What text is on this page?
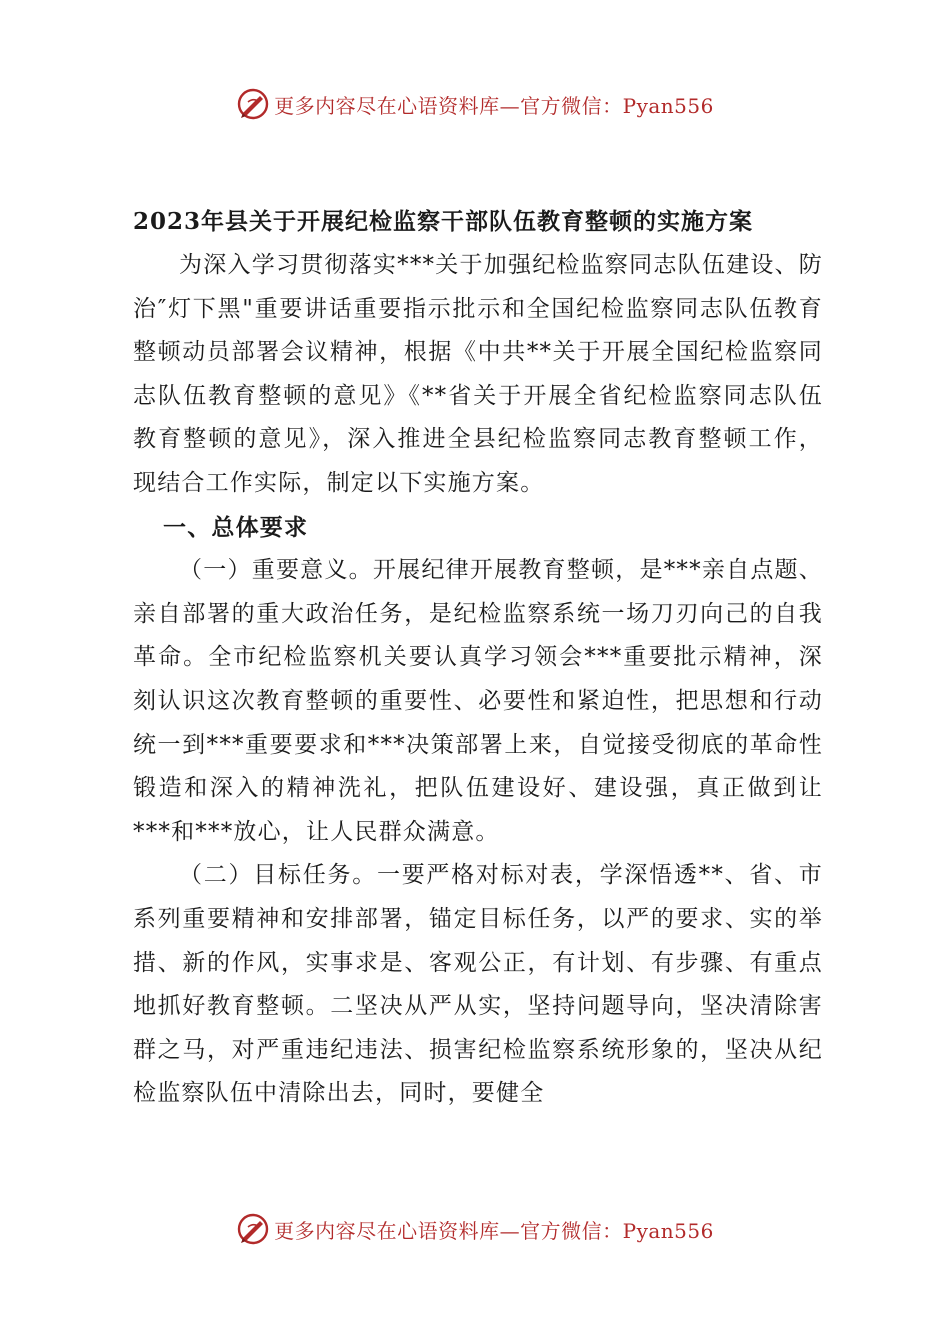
更多内容尽在心语资料库—官方微信：Pyan556
2023年县关于开展纪检监察干部队伍教育整顿的实施方案

为深入学习贯彻落实***关于加强纪检监察同志队伍建设、防治″灯下黑"重要讲话重要指示批示和全国纪检监察同志队伍教育整顿动员部署会议精神，根据《中共**关于开展全国纪检监察同志队伍教育整顿的意见》《**省关于开展全省纪检监察同志队伍教育整顿的意见》，深入推进全县纪检监察同志教育整顿工作，现结合工作实际，制定以下实施方案。

一、总体要求

（一）重要意义。开展纪律开展教育整顿，是***亲自点题、亲自部署的重大政治任务，是纪检监察系统一场刀刃向己的自我革命。全市纪检监察机关要认真学习领会***重要批示精神，深刻认识这次教育整顿的重要性、必要性和紧迫性，把思想和行动统一到***重要要求和***决策部署上来，自觉接受彻底的革命性锻造和深入的精神洗礼，把队伍建设好、建设强，真正做到让***和***放心，让人民群众满意。

（二）目标任务。一要严格对标对表，学深悟透**、省、市系列重要精神和安排部署，锚定目标任务，以严的要求、实的举措、新的作风，实事求是、客观公正，有计划、有步骤、有重点地抓好教育整顿。二坚决从严从实，坚持问题导向，坚决清除害群之马，对严重违纪违法、损害纪检监察系统形象的，坚决从纪检监察队伍中清除出去，同时，要健全

更多内容尽在心语资料库—官方微信：Pyan556
